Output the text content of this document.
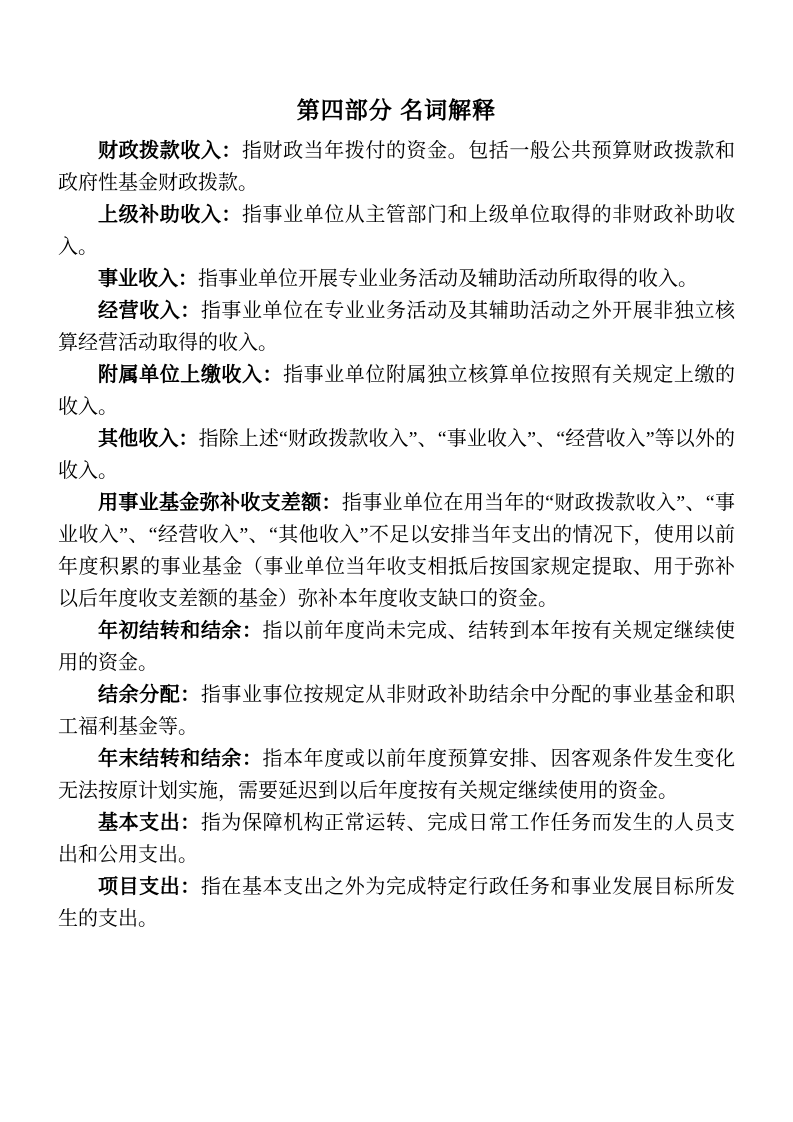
第四部分 名词解释

财政拨款收入：指财政当年拨付的资金。包括一般公共预算财政拨款和政府性基金财政拨款。

上级补助收入：指事业单位从主管部门和上级单位取得的非财政补助收入。

事业收入：指事业单位开展专业业务活动及辅助活动所取得的收入。

经营收入：指事业单位在专业业务活动及其辅助活动之外开展非独立核算经营活动取得的收入。

附属单位上缴收入：指事业单位附属独立核算单位按照有关规定上缴的收入。

其他收入：指除上述“财政拨款收入”、“事业收入”、“经营收入”等以外的收入。

用事业基金弥补收支差额：指事业单位在用当年的“财政拨款收入”、“事业收入”、“经营收入”、“其他收入”不足以安排当年支出的情况下，使用以前年度积累的事业基金（事业单位当年收支相抵后按国家规定提取、用于弥补以后年度收支差额的基金）弥补本年度收支缺口的资金。

年初结转和结余：指以前年度尚未完成、结转到本年按有关规定继续使用的资金。

结余分配：指事业事位按规定从非财政补助结余中分配的事业基金和职工福利基金等。

年末结转和结余：指本年度或以前年度预算安排、因客观条件发生变化无法按原计划实施，需要延迟到以后年度按有关规定继续使用的资金。

基本支出：指为保障机构正常运转、完成日常工作任务而发生的人员支出和公用支出。

项目支出：指在基本支出之外为完成特定行政任务和事业发展目标所发生的支出。
